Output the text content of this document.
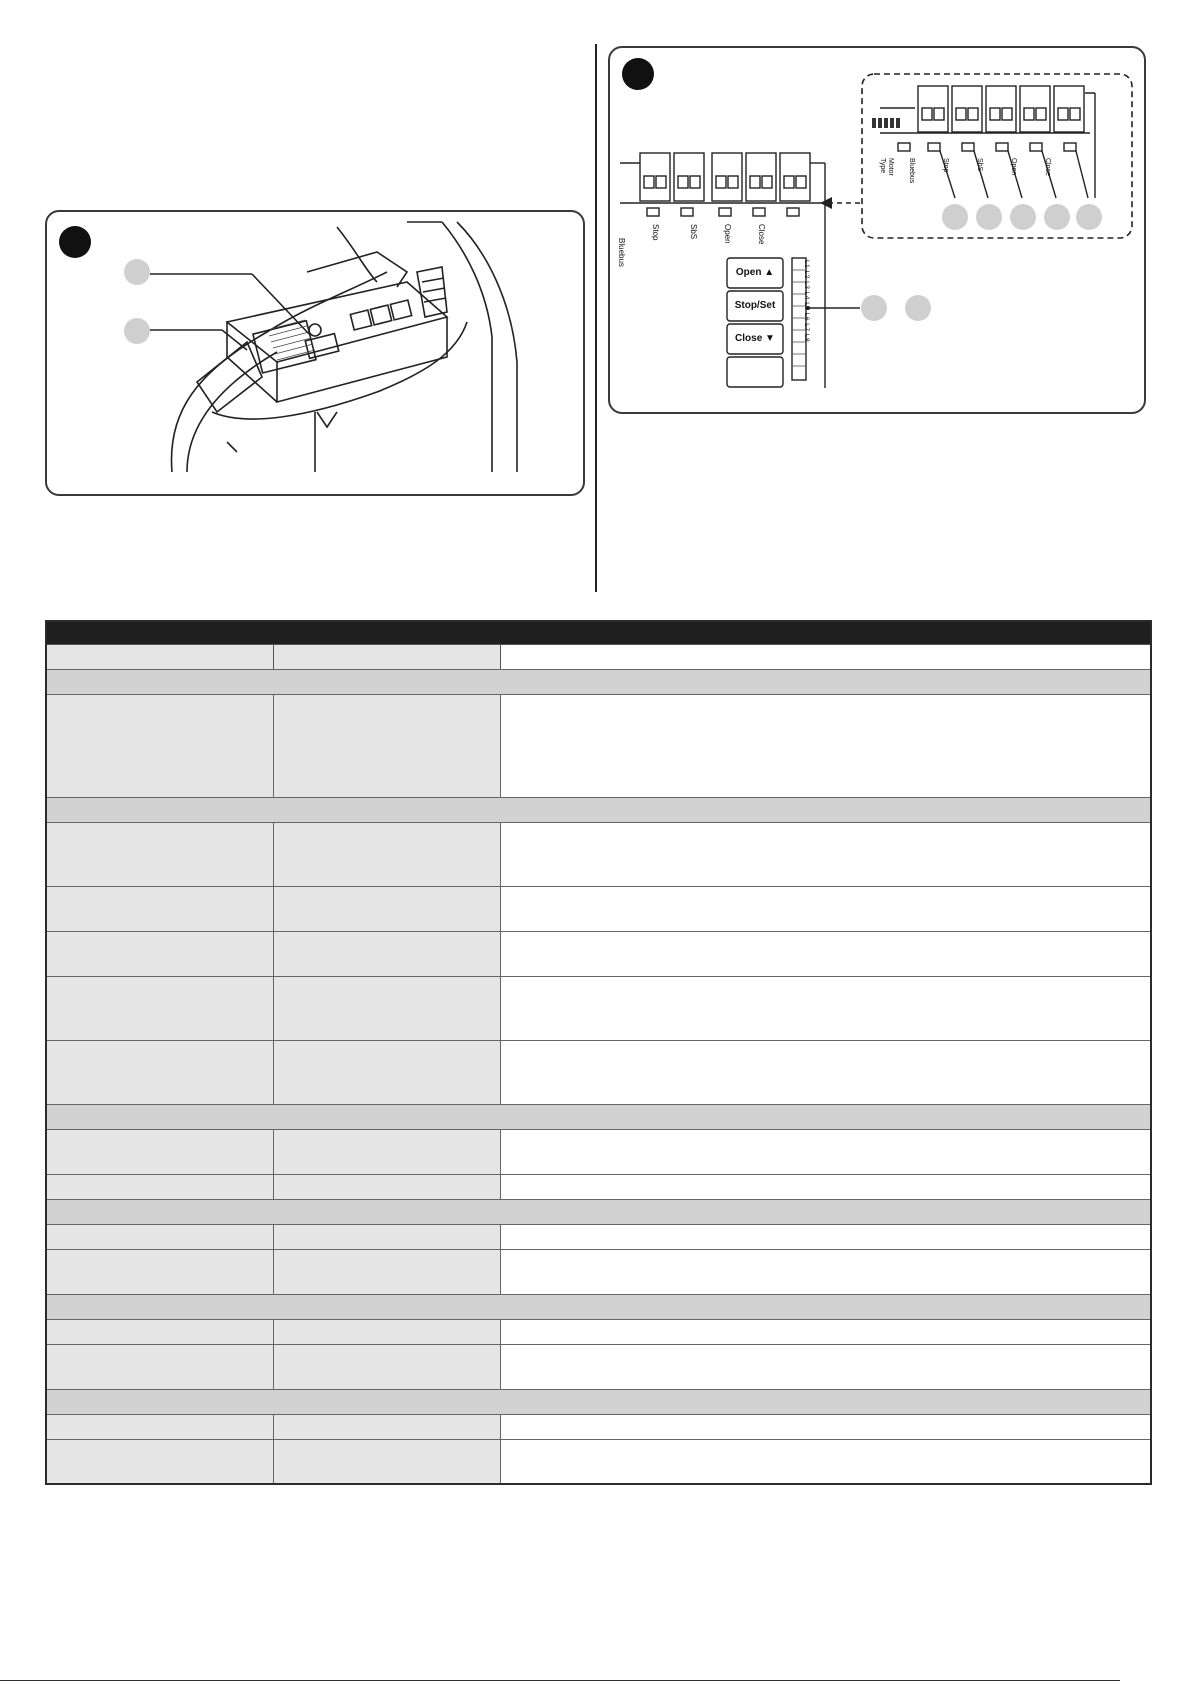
Open ▲
Stop/Set
Close ▼
Bluebus
Stop	SbS	Open	Close
Motor Type	Bluebus	Stop	SbS	Open	Close
L1 L2 L3 L4 L5 L6 L7 L8
